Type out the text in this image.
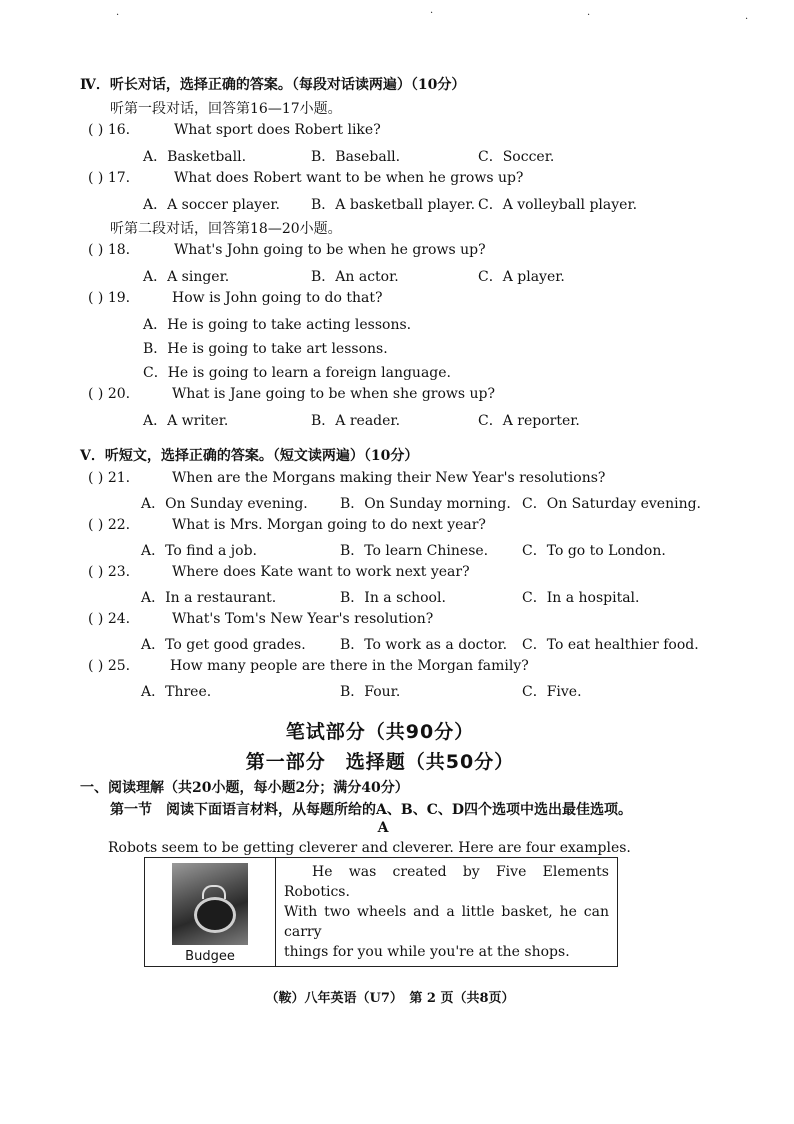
·	·	·	·
Ⅳ．听长对话，选择正确的答案。（每段对话读两遍）（10分）
听第一段对话，回答第16—17小题。
( ) 16.	What sport does Robert like?
A．Basketball.	B．Baseball.	C．Soccer.
( ) 17.	What does Robert want to be when he grows up?
A．A soccer player. B．A basketball player. C．A volleyball player.
听第二段对话，回答第18—20小题。
( ) 18.	What's John going to be when he grows up?
A．A singer.	B．An actor.	C．A player.
( ) 19.	How is John going to do that?
A．He is going to take acting lessons.
B．He is going to take art lessons.
C．He is going to learn a foreign language.
( ) 20.	What is Jane going to be when she grows up?
A．A writer.	B．A reader.	C．A reporter.
Ⅴ．听短文，选择正确的答案。（短文读两遍）（10分）
( ) 21.	When are the Morgans making their New Year's resolutions?
A．On Sunday evening. B．On Sunday morning. C．On Saturday evening.
( ) 22.	What is Mrs. Morgan going to do next year?
A．To find a job.	B．To learn Chinese. C．To go to London.
( ) 23.	Where does Kate want to work next year?
A．In a restaurant.	B．In a school.	C．In a hospital.
( ) 24.	What's Tom's New Year's resolution?
A．To get good grades. B．To work as a doctor. C．To eat healthier food.
( ) 25.	How many people are there in the Morgan family?
A．Three.	B．Four.	C．Five.
笔试部分（共90分）
第一部分　选择题（共50分）
一、阅读理解（共20小题，每小题2分；满分40分）
第一节　阅读下面语言材料，从每题所给的A、B、C、D四个选项中选出最佳选项。
A
Robots seem to be getting cleverer and cleverer. Here are four examples.
Budgee

He was created by Five Elements Robotics.
With two wheels and a little basket, he can carry
things for you while you're at the shops.
（鞍）八年英语（U7）　第 2 页（共8页）
